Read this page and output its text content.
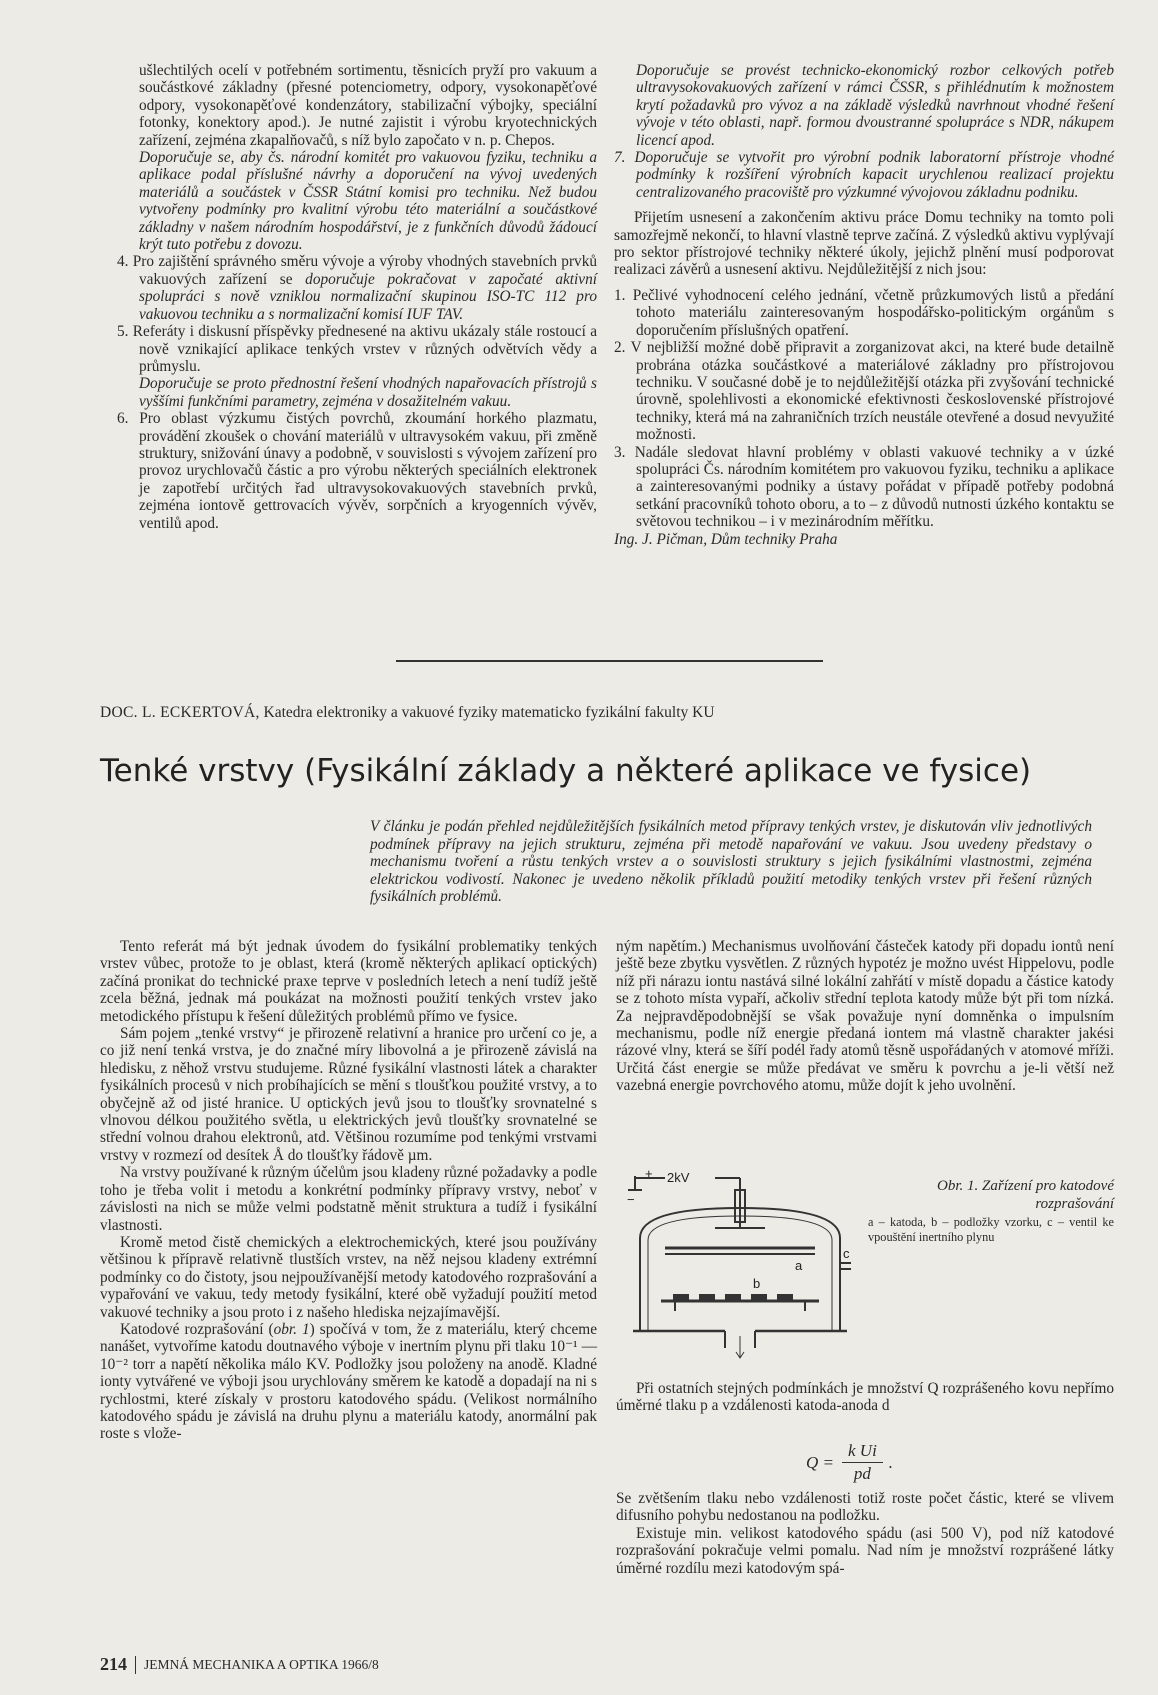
ušlechtilých ocelí v potřebném sortimentu, těsnicích pryží pro vakuum a součástkové základny (přesné potenciometry, odpory, vysokonapěťové odpory, vysokonapěťové kondenzátory, stabilizační výbojky, speciální fotonky, konektory apod.). Je nutné zajistit i výrobu kryotechnických zařízení, zejména zkapalňovačů, s níž bylo započato v n. p. Chepos.

Doporučuje se, aby čs. národní komitét pro vakuovou fyziku, techniku a aplikace podal příslušné návrhy a doporučení na vývoj uvedených materiálů a součástek v ČSSR Státní komisi pro techniku. Než budou vytvořeny podmínky pro kvalitní výrobu této materiální a součástkové základny v našem národním hospodářství, je z funkčních důvodů žádoucí krýt tuto potřebu z dovozu.

4. Pro zajištění správného směru vývoje a výroby vhodných stavebních prvků vakuových zařízení se doporučuje pokračovat v započaté aktivní spolupráci s nově vzniklou normalizační skupinou ISO-TC 112 pro vakuovou techniku a s normalizační komisí IUF TAV.

5. Referáty i diskusní příspěvky přednesené na aktivu ukázaly stále rostoucí a nově vznikající aplikace tenkých vrstev v různých odvětvích vědy a průmyslu.

Doporučuje se proto přednostní řešení vhodných napařovacích přístrojů s vyššími funkčními parametry, zejména v dosažitelném vakuu.

6. Pro oblast výzkumu čistých povrchů, zkoumání horkého plazmatu, provádění zkoušek o chování materiálů v ultravysokém vakuu, při změně struktury, snižování únavy a podobně, v souvislosti s vývojem zařízení pro provoz urychlovačů částic a pro výrobu některých speciálních elektronek je zapotřebí určitých řad ultravysokovakuových stavebních prvků, zejména iontově gettrovacích vývěv, sorpčních a kryogenních vývěv, ventilů apod.

Doporučuje se provést technicko-ekonomický rozbor celkových potřeb ultravysokovakuových zařízení v rámci ČSSR, s přihlédnutím k možnostem krytí požadavků pro vývoz a na základě výsledků navrhnout vhodné řešení vývoje v této oblasti, např. formou dvoustranné spolupráce s NDR, nákupem licencí apod.

7. Doporučuje se vytvořit pro výrobní podnik laboratorní přístroje vhodné podmínky k rozšíření výrobních kapacit urychlenou realizací projektu centralizovaného pracoviště pro výzkumné vývojovou základnu podniku.

Přijetím usnesení a zakončením aktivu práce Domu techniky na tomto poli samozřejmě nekončí, to hlavní vlastně teprve začíná. Z výsledků aktivu vyplývají pro sektor přístrojové techniky některé úkoly, jejichž plnění musí podporovat realizaci závěrů a usnesení aktivu. Nejdůležitější z nich jsou:

1. Pečlivé vyhodnocení celého jednání, včetně průzkumových listů a předání tohoto materiálu zainteresovaným hospodářsko-politickým orgánům s doporučením příslušných opatření.

2. V nejbližší možné době připravit a zorganizovat akci, na které bude detailně probrána otázka součástkové a materiálové základny pro přístrojovou techniku. V současné době je to nejdůležitější otázka při zvyšování technické úrovně, spolehlivosti a ekonomické efektivnosti československé přístrojové techniky, která má na zahraničních trzích neustále otevřené a dosud nevyužité možnosti.

3. Nadále sledovat hlavní problémy v oblasti vakuové techniky a v úzké spolupráci Čs. národním komitétem pro vakuovou fyziku, techniku a aplikace a zainteresovanými podniky a ústavy pořádat v případě potřeby podobná setkání pracovníků tohoto oboru, a to – z důvodů nutnosti úzkého kontaktu se světovou technikou – i v mezinárodním měřítku.

Ing. J. Pičman, Dům techniky Praha

DOC. L. ECKERTOVÁ, Katedra elektroniky a vakuové fyziky matematicko fyzikální fakulty KU
Tenké vrstvy (Fysikální základy a některé aplikace ve fysice)
V článku je podán přehled nejdůležitějších fysikálních metod přípravy tenkých vrstev, je diskutován vliv jednotlivých podmínek přípravy na jejich strukturu, zejména při metodě napařování ve vakuu. Jsou uvedeny představy o mechanismu tvoření a růstu tenkých vrstev a o souvislosti struktury s jejich fysikálními vlastnostmi, zejména elektrickou vodivostí. Nakonec je uvedeno několik příkladů použití metodiky tenkých vrstev při řešení různých fysikálních problémů.

Tento referát má být jednak úvodem do fysikální problematiky tenkých vrstev vůbec, protože to je oblast, která (kromě některých aplikací optických) začíná pronikat do technické praxe teprve v posledních letech a není tudíž ještě zcela běžná, jednak má poukázat na možnosti použití tenkých vrstev jako metodického přístupu k řešení důležitých problémů přímo ve fysice.

Sám pojem „tenké vrstvy“ je přirozeně relativní a hranice pro určení co je, a co již není tenká vrstva, je do značné míry libovolná a je přirozeně závislá na hledisku, z něhož vrstvu studujeme. Různé fysikální vlastnosti látek a charakter fysikálních procesů v nich probíhajících se mění s tloušťkou použité vrstvy, a to obyčejně až od jisté hranice. U optických jevů jsou to tloušťky srovnatelné s vlnovou délkou použitého světla, u elektrických jevů tloušťky srovnatelné se střední volnou drahou elektronů, atd. Většinou rozumíme pod tenkými vrstvami vrstvy v rozmezí od desítek Å do tloušťky řádově µm.

Na vrstvy používané k různým účelům jsou kladeny různé požadavky a podle toho je třeba volit i metodu a konkrétní podmínky přípravy vrstvy, neboť v závislosti na nich se může velmi podstatně měnit struktura a tudíž i fysikální vlastnosti.

Kromě metod čistě chemických a elektrochemických, které jsou používány většinou k přípravě relativně tlustších vrstev, na něž nejsou kladeny extrémní podmínky co do čistoty, jsou nejpoužívanější metody katodového rozprašování a vypařování ve vakuu, tedy metody fysikální, které obě vyžadují použití metod vakuové techniky a jsou proto i z našeho hlediska nejzajímavější.

Katodové rozprašování (obr. 1) spočívá v tom, že z materiálu, který chceme nanášet, vytvoříme katodu doutnavého výboje v inertním plynu při tlaku 10⁻¹ — 10⁻² torr a napětí několika málo KV. Podložky jsou položeny na anodě. Kladné ionty vytvářené ve výboji jsou urychlovány směrem ke katodě a dopadají na ni s rychlostmi, které získaly v prostoru katodového spádu. (Velikost normálního katodového spádu je závislá na druhu plynu a materiálu katody, anormální pak roste s vlože-

ným napětím.) Mechanismus uvolňování částeček katody při dopadu iontů není ještě beze zbytku vysvětlen. Z různých hypotéz je možno uvést Hippelovu, podle níž při nárazu iontu nastává silné lokální zahřátí v místě dopadu a částice katody se z tohoto místa vypaří, ačkoliv střední teplota katody může být při tom nízká. Za nejpravděpodobnější se však považuje nyní domněnka o impulsním mechanismu, podle níž energie předaná iontem má vlastně charakter jakési rázové vlny, která se šíří podél řady atomů těsně uspořádaných v atomové mříži. Určitá část energie se může předávat ve směru k povrchu a je-li větší než vazebná energie povrchového atomu, může dojít k jeho uvolnění.

2kV
+
−
a
b
c
Obr. 1. Zařízení pro katodové rozprašování
a – katoda, b – podložky vzorku, c – ventil ke vpouštění inertního plynu

Při ostatních stejných podmínkách je množství Q rozprášeného kovu nepřímo úměrné tlaku p a vzdálenosti katoda-anoda d

$Q = \frac{\text{k Ui}}{pd}$ .

Se zvětšením tlaku nebo vzdálenosti totiž roste počet částic, které se vlivem difusního pohybu nedostanou na podložku.

Existuje min. velikost katodového spádu (asi 500 V), pod níž katodové rozprašování pokračuje velmi pomalu. Nad ním je množství rozprášené látky úměrné rozdílu mezi katodovým spá-

214 JEMNÁ MECHANIKA A OPTIKA 1966/8
